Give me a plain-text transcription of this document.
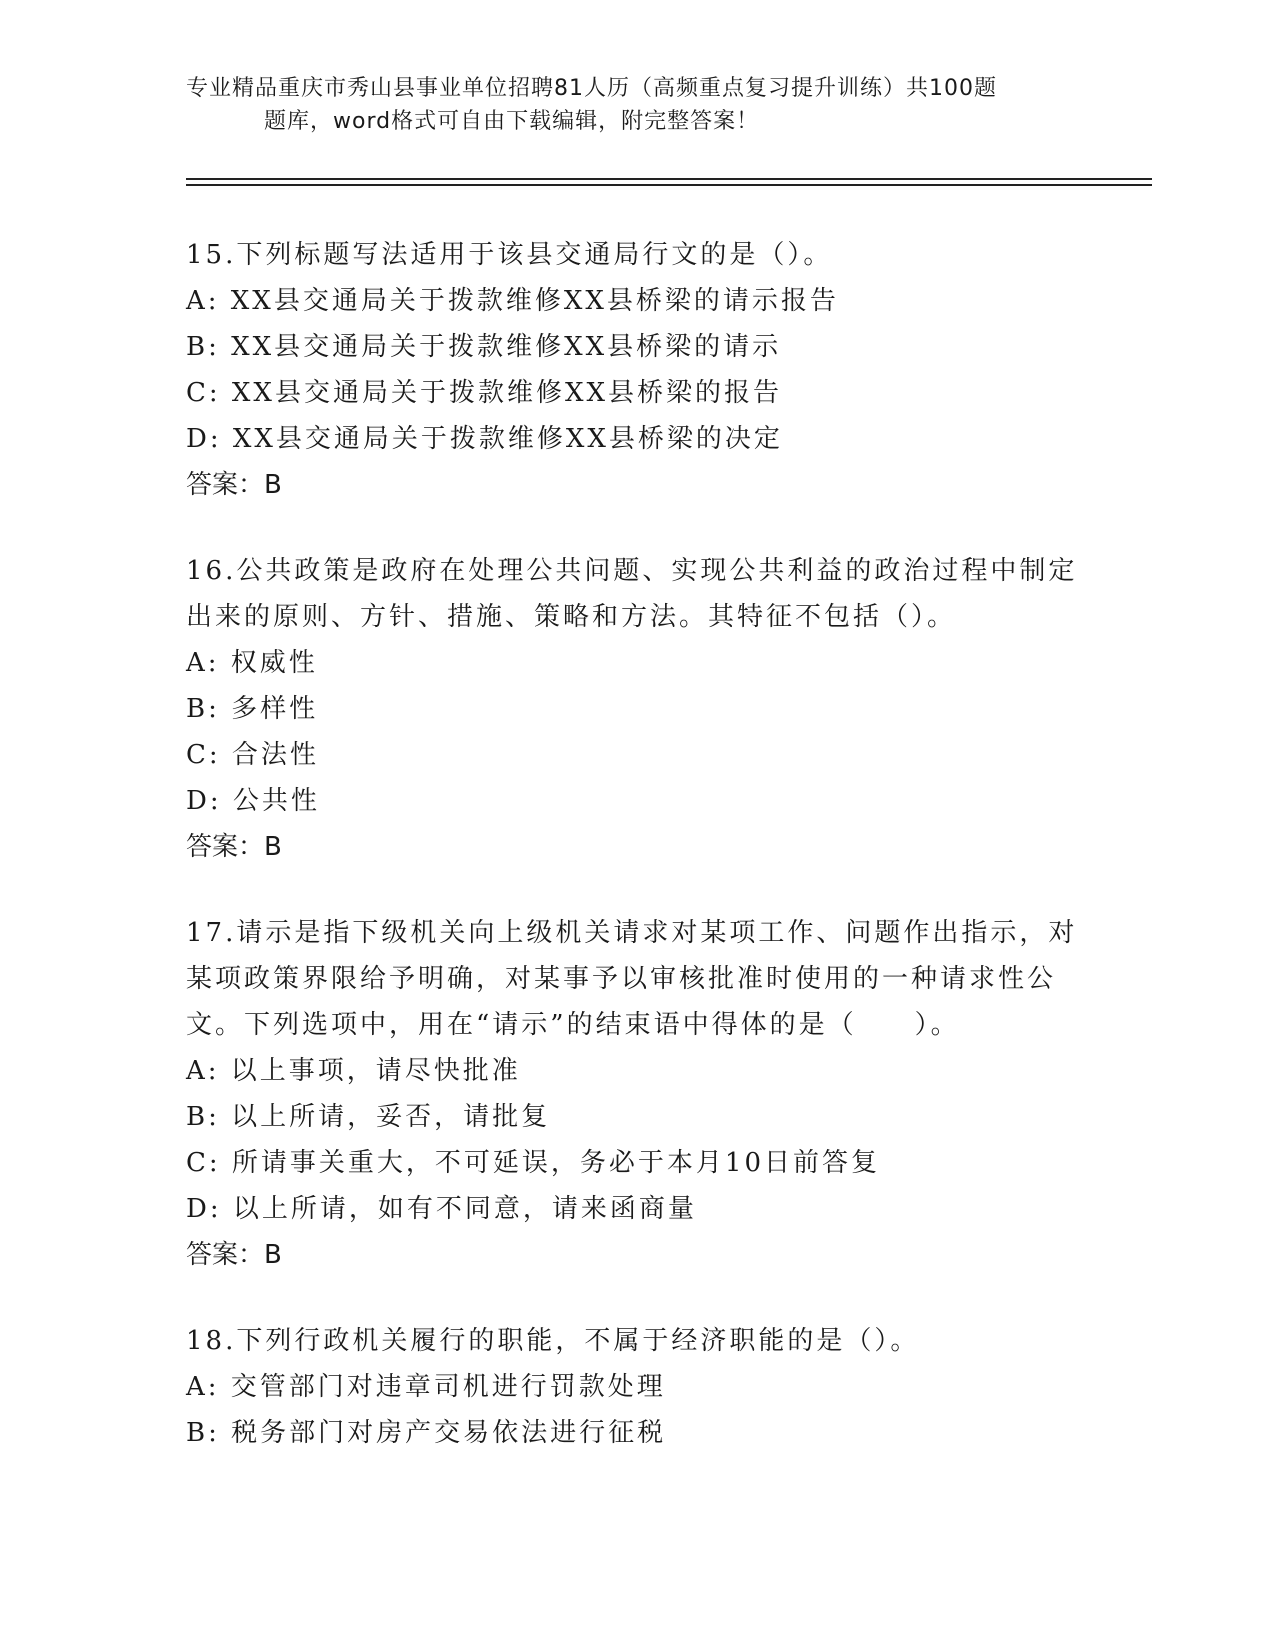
专业精品重庆市秀山县事业单位招聘81人历（高频重点复习提升训练）共100题
题库，word格式可自由下载编辑，附完整答案！

15.下列标题写法适用于该县交通局行文的是（）。

A: XX县交通局关于拨款维修XX县桥梁的请示报告

B: XX县交通局关于拨款维修XX县桥梁的请示

C: XX县交通局关于拨款维修XX县桥梁的报告

D: XX县交通局关于拨款维修XX县桥梁的决定

答案：B

16.公共政策是政府在处理公共问题、实现公共利益的政治过程中制定出来的原则、方针、措施、策略和方法。其特征不包括（）。

A: 权威性

B: 多样性

C: 合法性

D: 公共性

答案：B

17.请示是指下级机关向上级机关请求对某项工作、问题作出指示，对某项政策界限给予明确，对某事予以审核批准时使用的一种请求性公文。下列选项中，用在“请示”的结束语中得体的是（　　）。

A: 以上事项，请尽快批准

B: 以上所请，妥否，请批复

C: 所请事关重大，不可延误，务必于本月10日前答复

D: 以上所请，如有不同意，请来函商量

答案：B

18.下列行政机关履行的职能，不属于经济职能的是（）。

A: 交管部门对违章司机进行罚款处理

B: 税务部门对房产交易依法进行征税
